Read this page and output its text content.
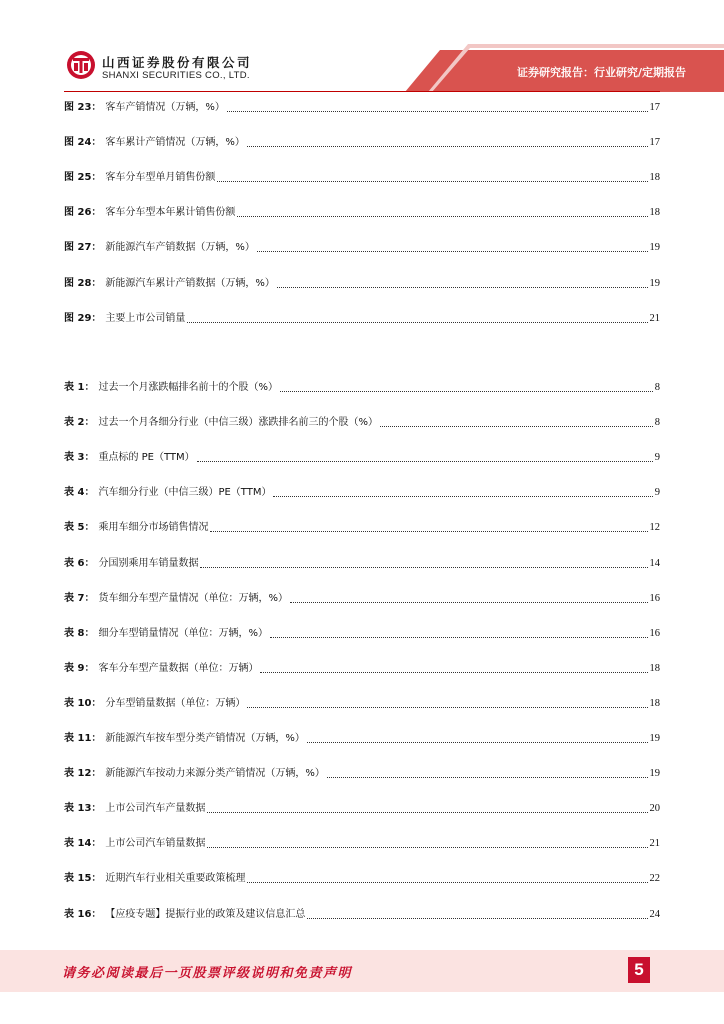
山西证券股份有限公司
SHANXI SECURITIES CO., LTD.	证券研究报告：行业研究/定期报告
图 23： 客车产销情况（万辆，%）	17
图 24： 客车累计产销情况（万辆，%）	17
图 25： 客车分车型单月销售份额	18
图 26： 客车分车型本年累计销售份额	18
图 27： 新能源汽车产销数据（万辆，%）	19
图 28： 新能源汽车累计产销数据（万辆，%）	19
图 29： 主要上市公司销量	21
表 1： 过去一个月涨跌幅排名前十的个股（%）	8
表 2： 过去一个月各细分行业（中信三级）涨跌排名前三的个股（%）	8
表 3： 重点标的 PE（TTM）	9
表 4： 汽车细分行业（中信三级）PE（TTM）	9
表 5： 乘用车细分市场销售情况	12
表 6： 分国别乘用车销量数据	14
表 7： 货车细分车型产量情况（单位：万辆，%）	16
表 8： 细分车型销量情况（单位：万辆，%）	16
表 9： 客车分车型产量数据（单位：万辆）	18
表 10： 分车型销量数据（单位：万辆）	18
表 11： 新能源汽车按车型分类产销情况（万辆，%）	19
表 12： 新能源汽车按动力来源分类产销情况（万辆，%）	19
表 13： 上市公司汽车产量数据	20
表 14： 上市公司汽车销量数据	21
表 15： 近期汽车行业相关重要政策梳理	22
表 16： 【应疫专题】提振行业的政策及建议信息汇总	24
请务必阅读最后一页股票评级说明和免责声明	5
